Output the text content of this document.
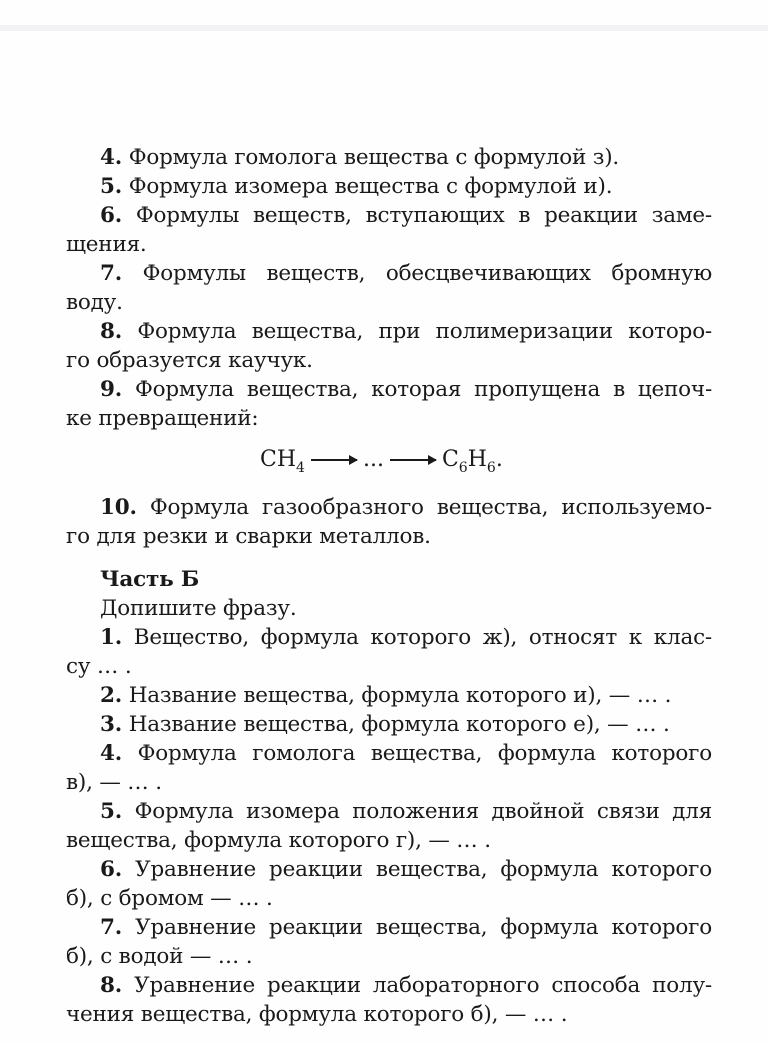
4. Формула гомолога вещества с формулой з).
5. Формула изомера вещества с формулой и).
6. Формулы веществ, вступающих в реакции заме-
щения.
7. Формулы веществ, обесцвечивающих бромную
воду.
8. Формула вещества, при полимеризации которо-
го образуется каучук.
9. Формула вещества, которая пропущена в цепоч-
ке превращений:
$CH_4$ → ... → $C_6H_6$.
10. Формула газообразного вещества, используемо-
го для резки и сварки металлов.
Часть Б
Допишите фразу.
1. Вещество, формула которого ж), относят к клас-
су … .
2. Название вещества, формула которого и), — … .
3. Название вещества, формула которого е), — … .
4. Формула гомолога вещества, формула которого
в), — … .
5. Формула изомера положения двойной связи для
вещества, формула которого г), — … .
6. Уравнение реакции вещества, формула которого
б), с бромом — … .
7. Уравнение реакции вещества, формула которого
б), с водой — … .
8. Уравнение реакции лабораторного способа полу-
чения вещества, формула которого б), — … .
